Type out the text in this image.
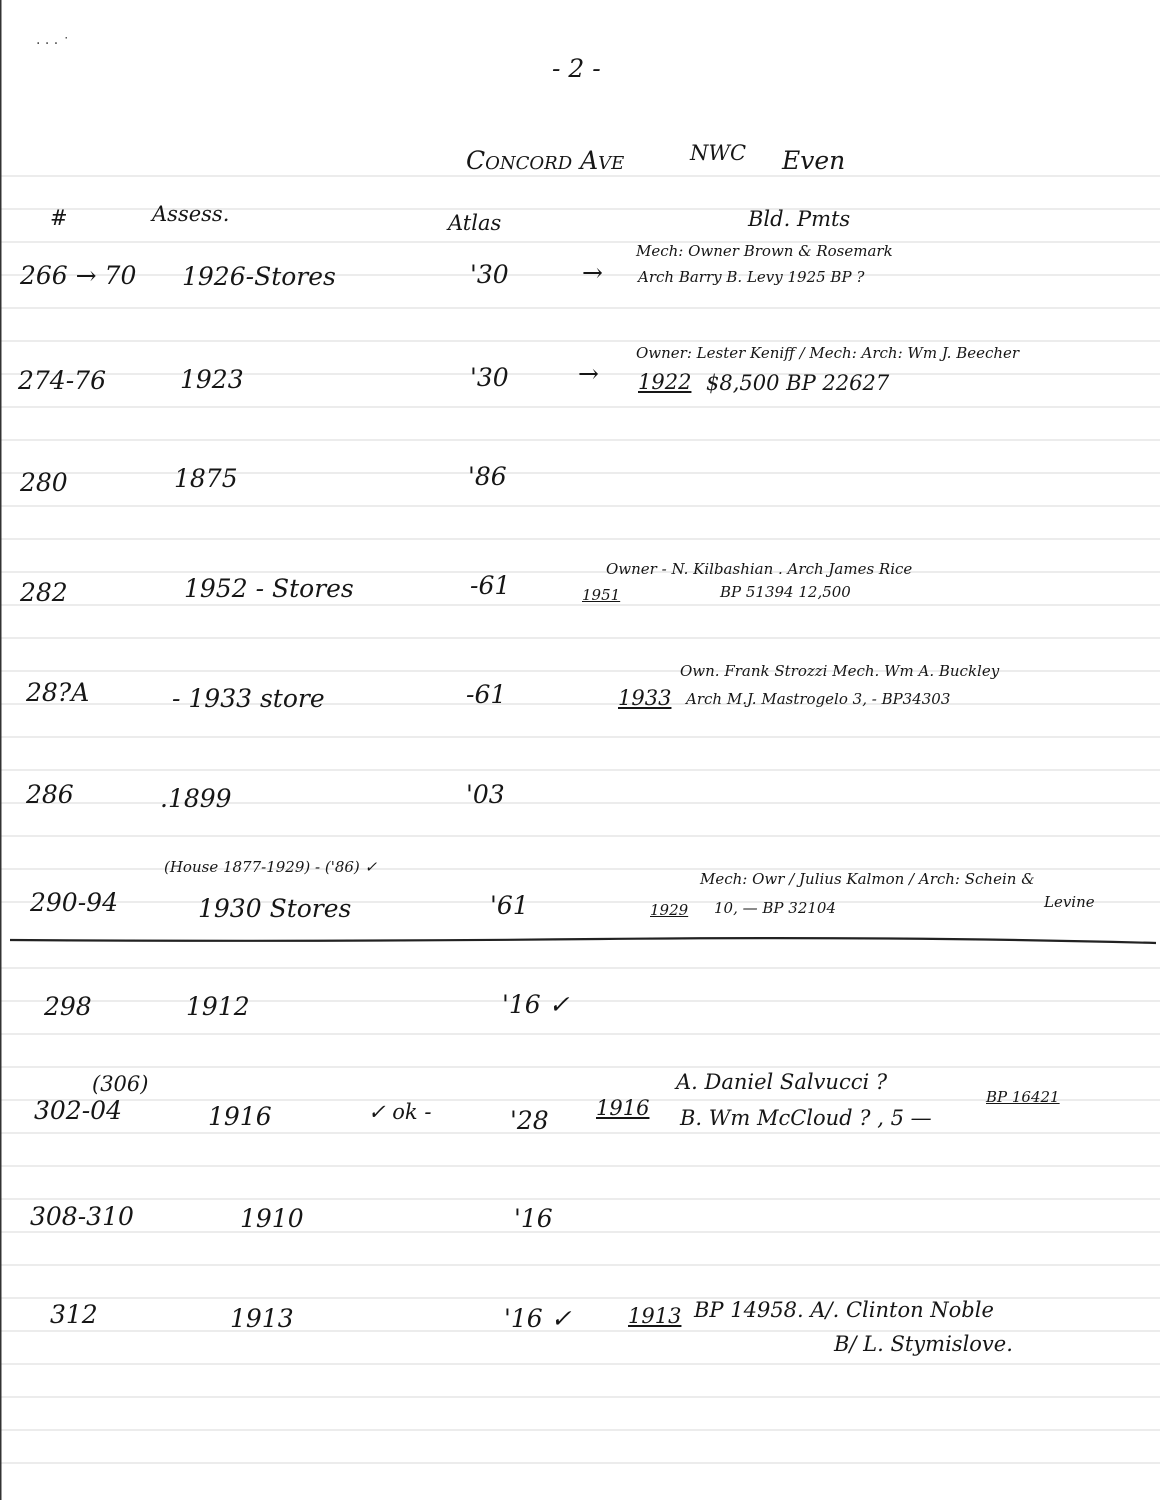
· · · ˙
- 2 -
Concord Ave	NWC Even
#	Assess.	Atlas	Bld. Pmts
266 → 70 1926-Stores	'30	→
Mech: Owner Brown & Rosemark
Arch Barry B. Levy 1925 BP ?
274-76	1923	'30	→
Owner: Lester Keniff / Mech: Arch: Wm J. Beecher
1922 $8,500 BP 22627
280	1875	'86
282	1952 - Stores	-61
Owner - N. Kilbashian . Arch James Rice
1951	BP 51394 12,500
28?A	- 1933 store	-61
Own. Frank Strozzi Mech. Wm A. Buckley
1933 Arch M.J. Mastrogelo 3, - BP34303
286	.1899	'03
(House 1877-1929) - ('86) ✓
290-94	1930 Stores	'61
Mech: Owr / Julius Kalmon / Arch: Schein &
1929 10, — BP 32104	Levine
298	1912	'16 ✓
(306)
302-04	1916	✓ ok -	'28 1916
A. Daniel Salvucci ?
B. Wm McCloud ? , 5 —
BP 16421
308-310	1910	'16
312	1913	'16 ✓	1913 BP 14958. A/. Clinton Noble
B/ L. Stymislove.
